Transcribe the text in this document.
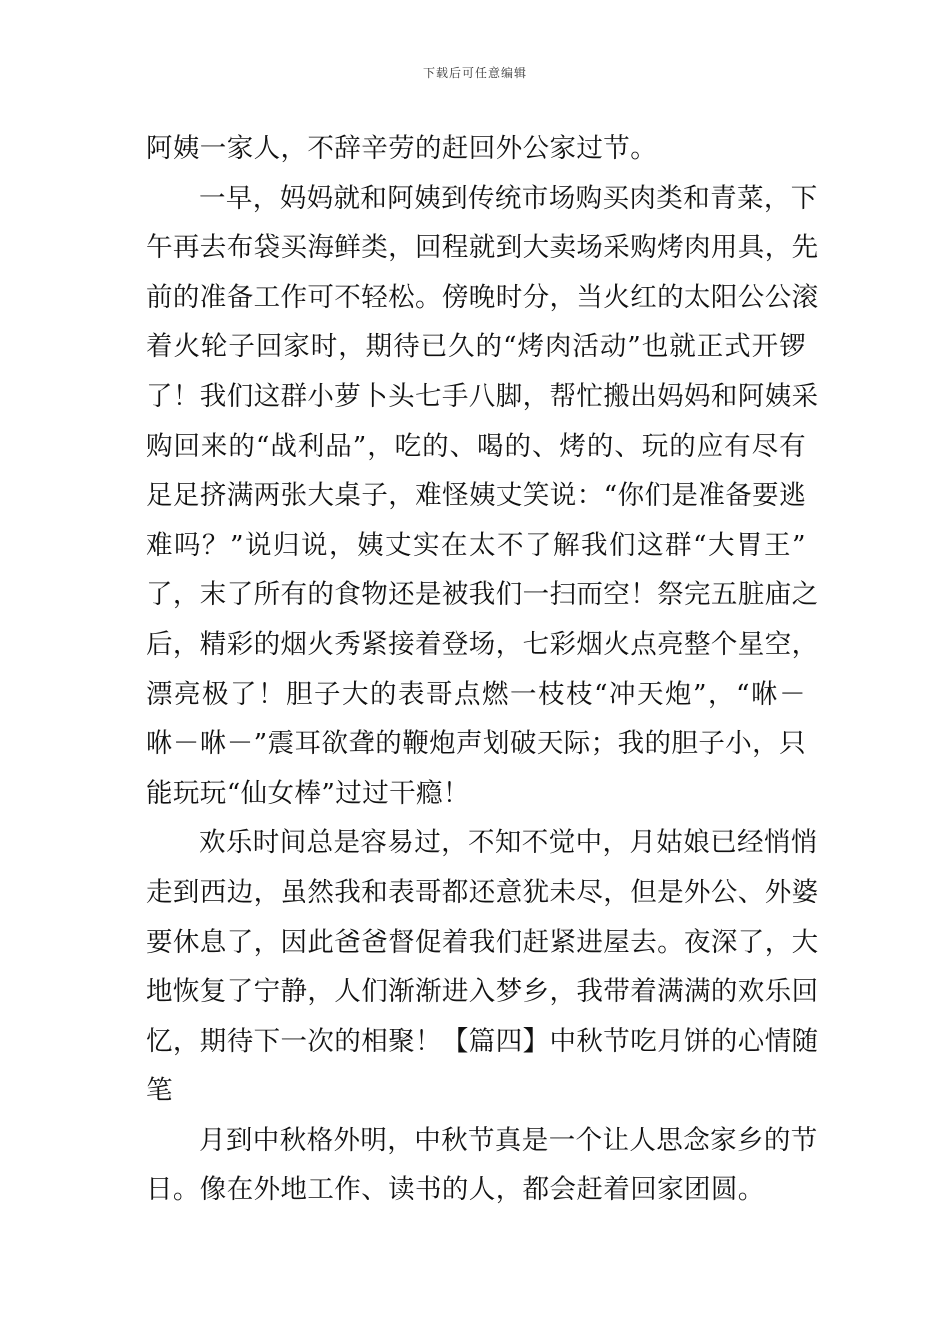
下载后可任意编辑
阿姨一家人，不辞辛劳的赶回外公家过节。
一早，妈妈就和阿姨到传统市场购买肉类和青菜，下
午再去布袋买海鲜类，回程就到大卖场采购烤肉用具，先
前的准备工作可不轻松。傍晚时分，当火红的太阳公公滚
着火轮子回家时，期待已久的“烤肉活动”也就正式开锣
了！我们这群小萝卜头七手八脚，帮忙搬出妈妈和阿姨采
购回来的“战利品”，吃的、喝的、烤的、玩的应有尽有
足足挤满两张大桌子，难怪姨丈笑说：“你们是准备要逃
难吗？”说归说，姨丈实在太不了解我们这群“大胃王”
了，末了所有的食物还是被我们一扫而空！祭完五脏庙之
后，精彩的烟火秀紧接着登场，七彩烟火点亮整个星空，
漂亮极了！胆子大的表哥点燃一枝枝“冲天炮”，“咻－
咻－咻－”震耳欲聋的鞭炮声划破天际；我的胆子小，只
能玩玩“仙女棒”过过干瘾！
欢乐时间总是容易过，不知不觉中，月姑娘已经悄悄
走到西边，虽然我和表哥都还意犹未尽，但是外公、外婆
要休息了，因此爸爸督促着我们赶紧进屋去。夜深了，大
地恢复了宁静，人们渐渐进入梦乡，我带着满满的欢乐回
忆，期待下一次的相聚！【篇四】中秋节吃月饼的心情随
笔
月到中秋格外明，中秋节真是一个让人思念家乡的节
日。像在外地工作、读书的人，都会赶着回家团圆。
